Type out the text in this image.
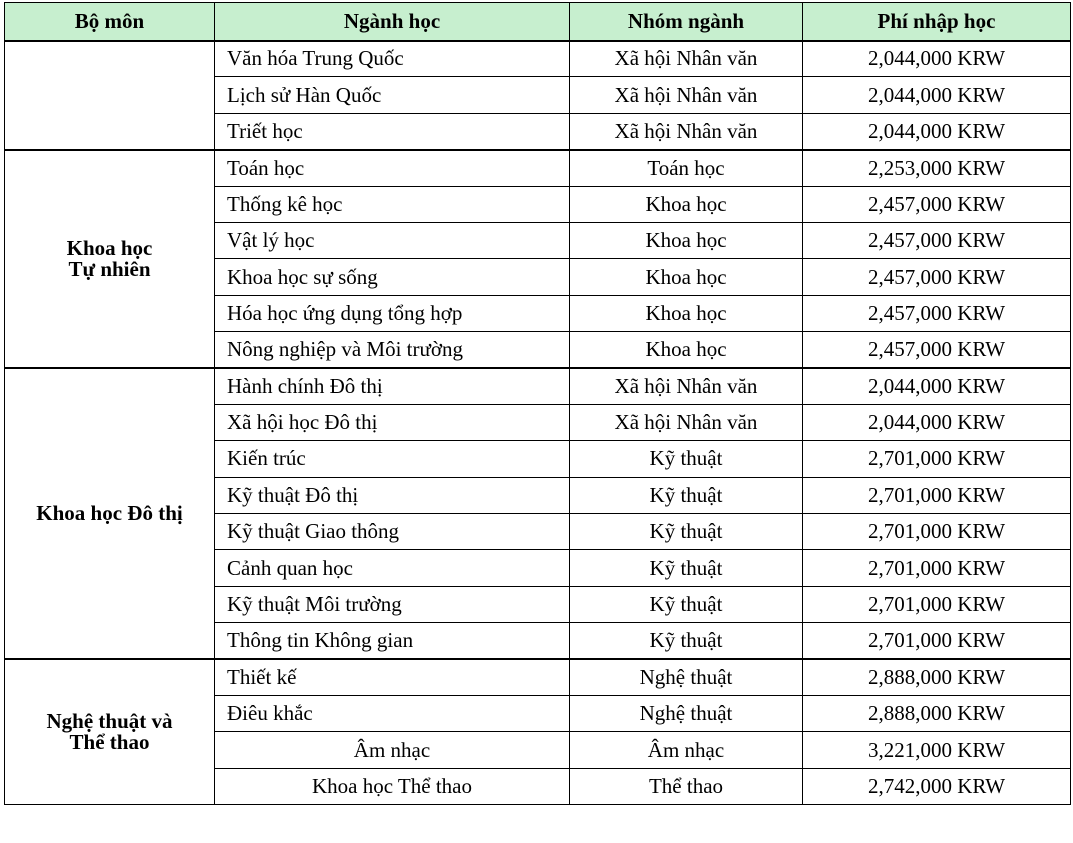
Bộ môn	Ngành học	Nhóm ngành	Phí nhập học
	Văn hóa Trung Quốc	Xã hội Nhân văn	2,044,000 KRW
	Lịch sử Hàn Quốc	Xã hội Nhân văn	2,044,000 KRW
	Triết học	Xã hội Nhân văn	2,044,000 KRW
Khoa học
Tự nhiên	Toán học	Toán học	2,253,000 KRW
	Thống kê học	Khoa học	2,457,000 KRW
	Vật lý học	Khoa học	2,457,000 KRW
	Khoa học sự sống	Khoa học	2,457,000 KRW
	Hóa học ứng dụng tổng hợp	Khoa học	2,457,000 KRW
	Nông nghiệp và Môi trường	Khoa học	2,457,000 KRW
Khoa học Đô thị	Hành chính Đô thị	Xã hội Nhân văn	2,044,000 KRW
	Xã hội học Đô thị	Xã hội Nhân văn	2,044,000 KRW
	Kiến trúc	Kỹ thuật	2,701,000 KRW
	Kỹ thuật Đô thị	Kỹ thuật	2,701,000 KRW
	Kỹ thuật Giao thông	Kỹ thuật	2,701,000 KRW
	Cảnh quan học	Kỹ thuật	2,701,000 KRW
	Kỹ thuật Môi trường	Kỹ thuật	2,701,000 KRW
	Thông tin Không gian	Kỹ thuật	2,701,000 KRW
Nghệ thuật và
Thể thao	Thiết kế	Nghệ thuật	2,888,000 KRW
	Điêu khắc	Nghệ thuật	2,888,000 KRW
	Âm nhạc	Âm nhạc	3,221,000 KRW
	Khoa học Thể thao	Thể thao	2,742,000 KRW
